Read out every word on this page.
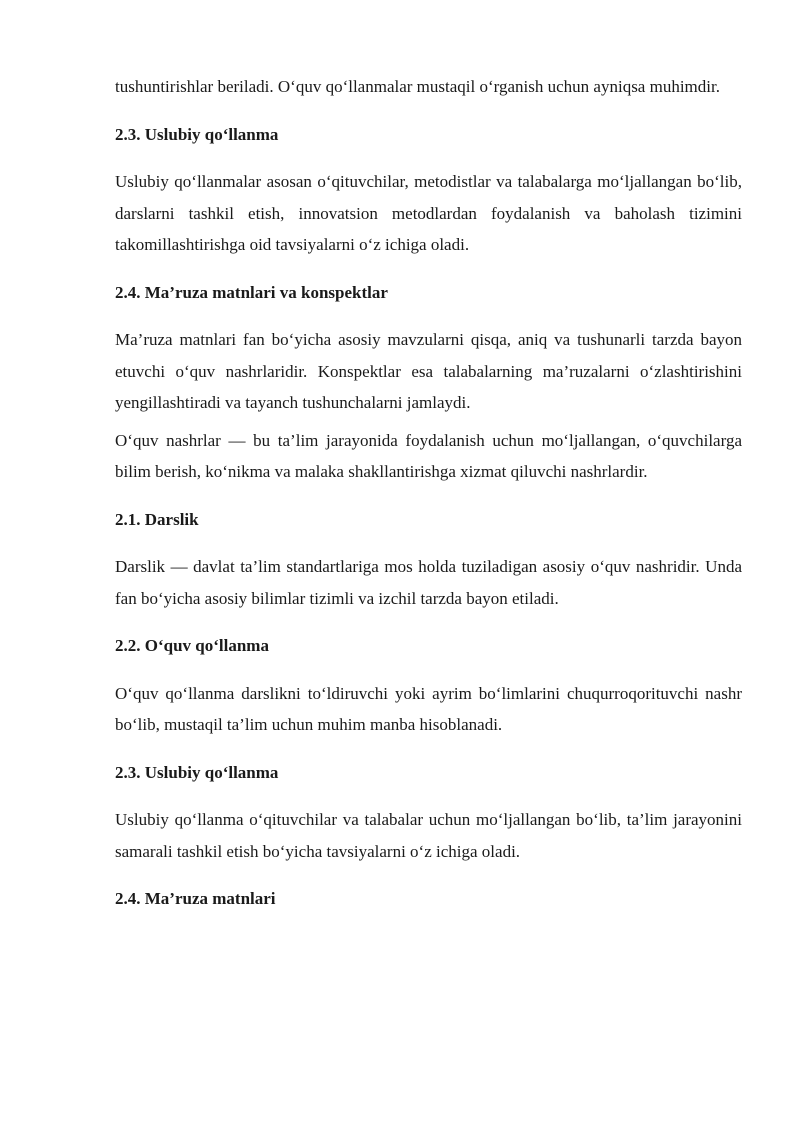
tushuntirishlar beriladi. O‘quv qo‘llanmalar mustaqil o‘rganish uchun ayniqsa muhimdir.

2.3. Uslubiy qo‘llanma

Uslubiy qo‘llanmalar asosan o‘qituvchilar, metodistlar va talabalarga mo‘ljallangan bo‘lib, darslarni tashkil etish, innovatsion metodlardan foydalanish va baholash tizimini takomillashtirishga oid tavsiyalarni o‘z ichiga oladi.

2.4. Ma’ruza matnlari va konspektlar

Ma’ruza matnlari fan bo‘yicha asosiy mavzularni qisqa, aniq va tushunarli tarzda bayon etuvchi o‘quv nashrlaridir. Konspektlar esa talabalarning ma’ruzalarni o‘zlashtirishini yengillashtiradi va tayanch tushunchalarni jamlaydi.

O‘quv nashrlar — bu ta’lim jarayonida foydalanish uchun mo‘ljallangan, o‘quvchilarga bilim berish, ko‘nikma va malaka shakllantirishga xizmat qiluvchi nashrlardir.

2.1. Darslik

Darslik — davlat ta’lim standartlariga mos holda tuziladigan asosiy o‘quv nashridir. Unda fan bo‘yicha asosiy bilimlar tizimli va izchil tarzda bayon etiladi.

2.2. O‘quv qo‘llanma

O‘quv qo‘llanma darslikni to‘ldiruvchi yoki ayrim bo‘limlarini chuqurroqorituvchi nashr bo‘lib, mustaqil ta’lim uchun muhim manba hisoblanadi.

2.3. Uslubiy qo‘llanma

Uslubiy qo‘llanma o‘qituvchilar va talabalar uchun mo‘ljallangan bo‘lib, ta’lim jarayonini samarali tashkil etish bo‘yicha tavsiyalarni o‘z ichiga oladi.

2.4. Ma’ruza matnlari
